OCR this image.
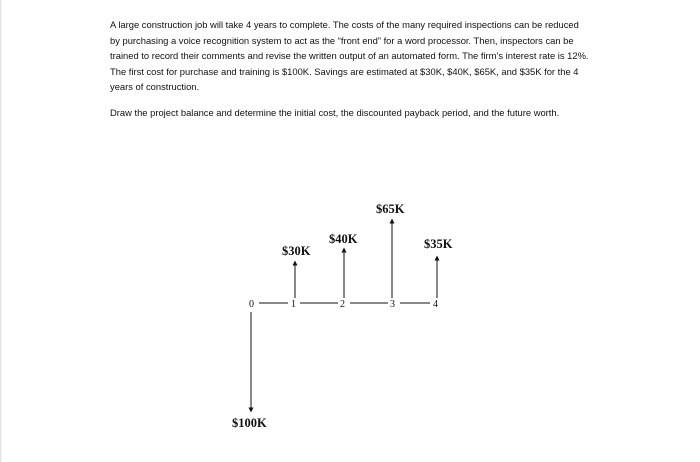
A large construction job will take 4 years to complete. The costs of the many required inspections can be reduced by purchasing a voice recognition system to act as the “front end” for a word processor. Then, inspectors can be trained to record their comments and revise the written output of an automated form. The firm’s interest rate is 12%. The first cost for purchase and training is $100K. Savings are estimated at $30K, $40K, $65K, and $35K for the 4 years of construction.

Draw the project balance and determine the initial cost, the discounted payback period, and the future worth.

0	1	2	3	4
$100K
$30K
$40K
$65K
$35K
